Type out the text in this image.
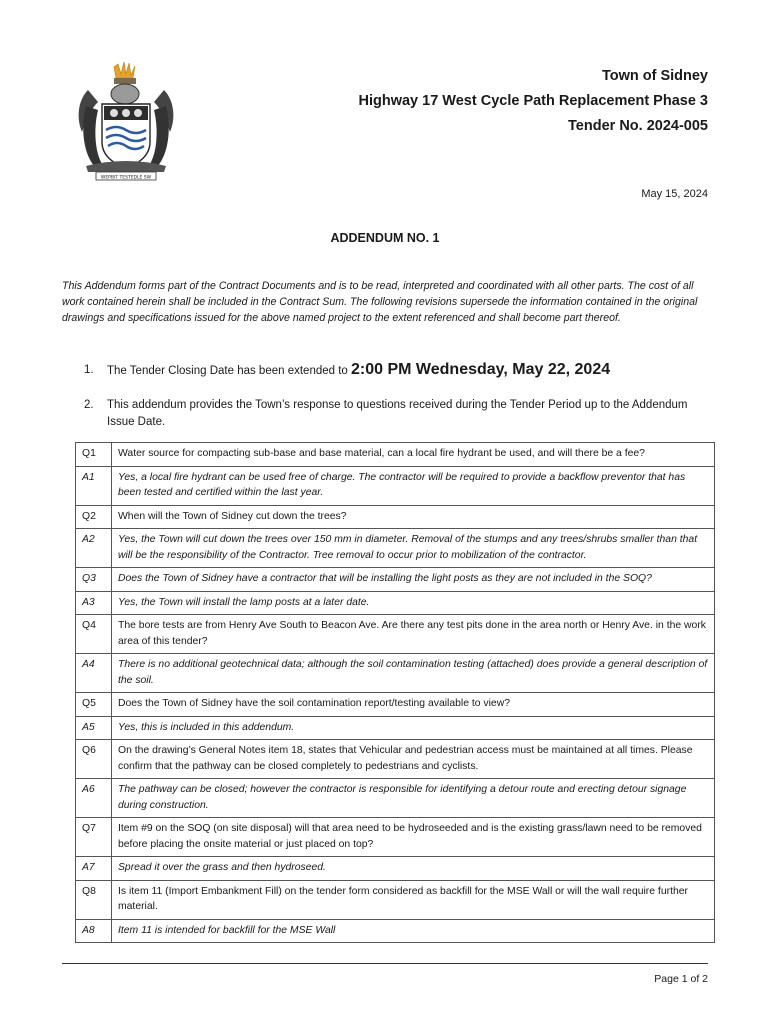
WEPBIT TESTEDLE SW
Town of Sidney
Highway 17 West Cycle Path Replacement Phase 3
Tender No. 2024-005
May 15, 2024
ADDENDUM NO. 1
This Addendum forms part of the Contract Documents and is to be read, interpreted and coordinated with all other parts. The cost of all work contained herein shall be included in the Contract Sum. The following revisions supersede the information contained in the original drawings and specifications issued for the above named project to the extent referenced and shall become part thereof.
1. The Tender Closing Date has been extended to 2:00 PM Wednesday, May 22, 2024
2. This addendum provides the Town’s response to questions received during the Tender Period up to the Addendum Issue Date.
Q1	Water source for compacting sub-base and base material, can a local fire hydrant be used, and will there be a fee?
A1	Yes, a local fire hydrant can be used free of charge. The contractor will be required to provide a backflow preventor that has been tested and certified within the last year.
Q2	When will the Town of Sidney cut down the trees?
A2	Yes, the Town will cut down the trees over 150 mm in diameter. Removal of the stumps and any trees/shrubs smaller than that will be the responsibility of the Contractor. Tree removal to occur prior to mobilization of the contractor.
Q3	Does the Town of Sidney have a contractor that will be installing the light posts as they are not included in the SOQ?
A3	Yes, the Town will install the lamp posts at a later date.
Q4	The bore tests are from Henry Ave South to Beacon Ave. Are there any test pits done in the area north or Henry Ave. in the work area of this tender?
A4	There is no additional geotechnical data; although the soil contamination testing (attached) does provide a general description of the soil.
Q5	Does the Town of Sidney have the soil contamination report/testing available to view?
A5	Yes, this is included in this addendum.
Q6	On the drawing’s General Notes item 18, states that Vehicular and pedestrian access must be maintained at all times. Please confirm that the pathway can be closed completely to pedestrians and cyclists.
A6	The pathway can be closed; however the contractor is responsible for identifying a detour route and erecting detour signage during construction.
Q7	Item #9 on the SOQ (on site disposal) will that area need to be hydroseeded and is the existing grass/lawn need to be removed before placing the onsite material or just placed on top?
A7	Spread it over the grass and then hydroseed.
Q8	Is item 11 (Import Embankment Fill) on the tender form considered as backfill for the MSE Wall or will the wall require further material.
A8	Item 11 is intended for backfill for the MSE Wall
Page 1 of 2
